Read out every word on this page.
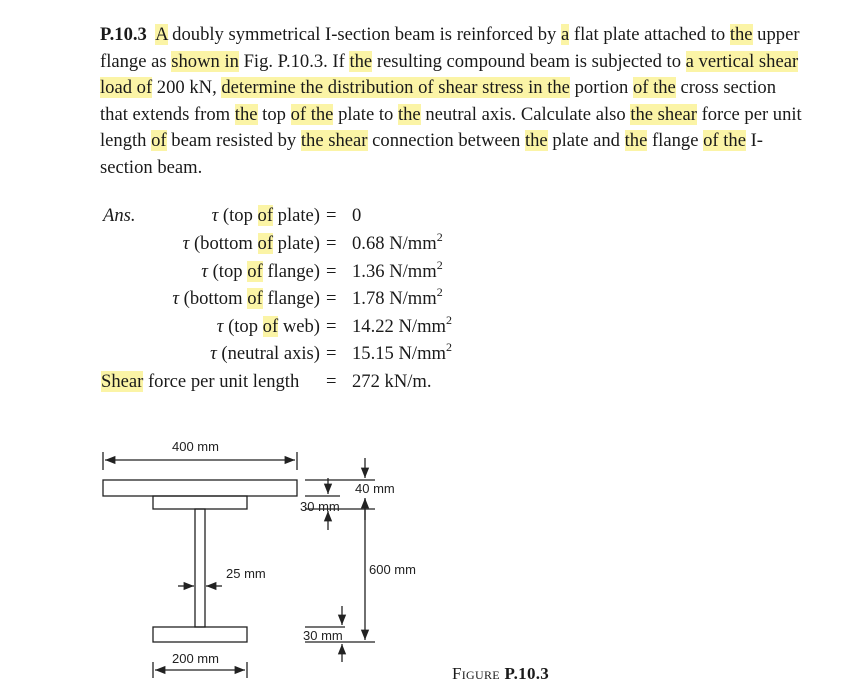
P.10.3 A doubly symmetrical I-section beam is reinforced by a flat plate attached to the upper flange as shown in Fig. P.10.3. If the resulting compound beam is subjected to a vertical shear load of 200 kN, determine the distribution of shear stress in the portion of the cross section that extends from the top of the plate to the neutral axis. Calculate also the shear force per unit length of beam resisted by the shear connection between the plate and the flange of the I-section beam.

Ans.	τ (top of plate) = 0
τ (bottom of plate) = 0.68 $N/mm^2$
τ (top of flange) = 1.36 $N/mm^2$
τ (bottom of flange) = 1.78 $N/mm^2$
τ (top of web) = 14.22 $N/mm^2$
τ (neutral axis) = 15.15 $N/mm^2$
Shear force per unit length = 272 kN/m.
Figure P.10.3
400 mm
40 mm
30 mm
25 mm	600 mm
30 mm
200 mm
